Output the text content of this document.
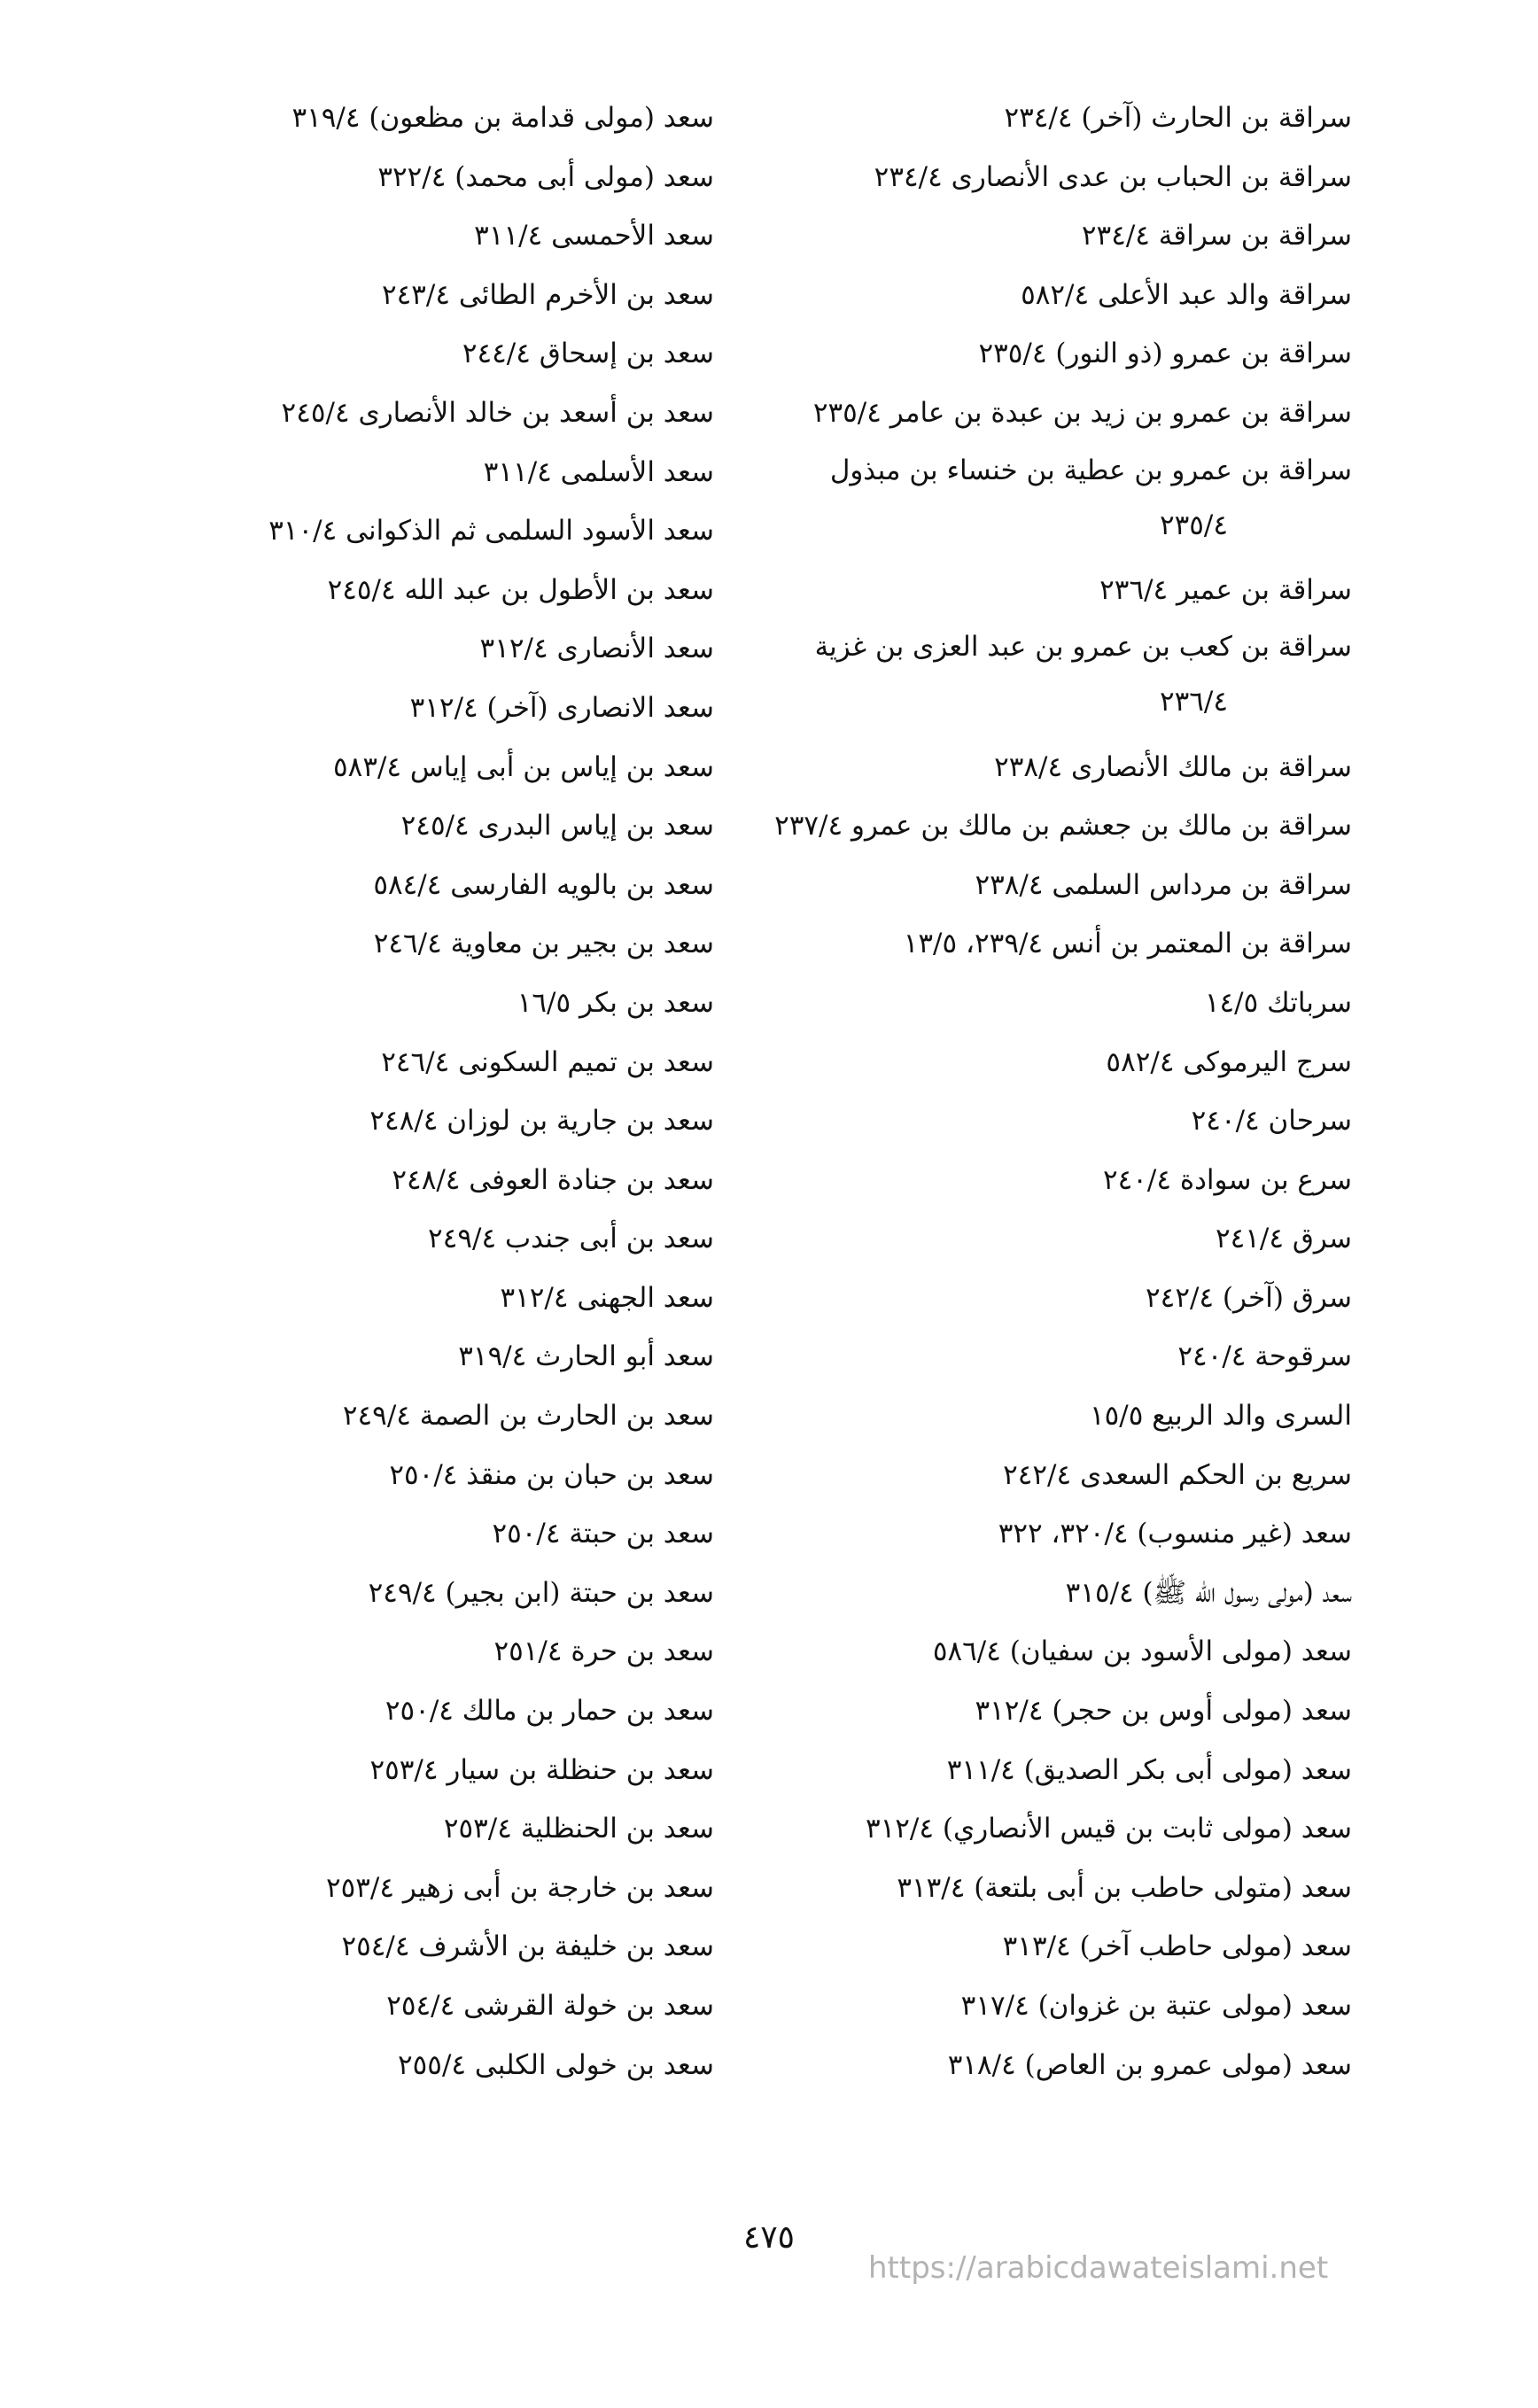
سراقة بن الحارث (آخر) ٢٣٤/٤
سراقة بن الحباب بن عدى الأنصارى ٢٣٤/٤
سراقة بن سراقة ٢٣٤/٤
سراقة والد عبد الأعلى ٥٨٢/٤
سراقة بن عمرو (ذو النور) ٢٣٥/٤
سراقة بن عمرو بن زيد بن عبدة بن عامر ٢٣٥/٤
سراقة بن عمرو بن عطية بن خنساء بن مبذول
٢٣٥/٤
سراقة بن عمير ٢٣٦/٤
سراقة بن كعب بن عمرو بن عبد العزى بن غزية
٢٣٦/٤
سراقة بن مالك الأنصارى ٢٣٨/٤
سراقة بن مالك بن جعشم بن مالك بن عمرو ٢٣٧/٤
سراقة بن مرداس السلمى ٢٣٨/٤
سراقة بن المعتمر بن أنس ٢٣٩/٤، ١٣/٥
سرباتك ١٤/٥
سرج اليرموكى ٥٨٢/٤
سرحان ٢٤٠/٤
سرع بن سوادة ٢٤٠/٤
سرق ٢٤١/٤
سرق (آخر) ٢٤٢/٤
سرقوحة ٢٤٠/٤
السرى والد الربيع ١٥/٥
سريع بن الحكم السعدى ٢٤٢/٤
سعد (غير منسوب) ٣٢٠/٤، ٣٢٢
سعد (مولى رسول الله ﷺ) ٣١٥/٤
سعد (مولى الأسود بن سفيان) ٥٨٦/٤
سعد (مولى أوس بن حجر) ٣١٢/٤
سعد (مولى أبى بكر الصديق) ٣١١/٤
سعد (مولى ثابت بن قيس الأنصاري) ٣١٢/٤
سعد (متولى حاطب بن أبى بلتعة) ٣١٣/٤
سعد (مولى حاطب آخر) ٣١٣/٤
سعد (مولى عتبة بن غزوان) ٣١٧/٤
سعد (مولى عمرو بن العاص) ٣١٨/٤
سعد (مولى قدامة بن مظعون) ٣١٩/٤
سعد (مولى أبى محمد) ٣٢٢/٤
سعد الأحمسى ٣١١/٤
سعد بن الأخرم الطائى ٢٤٣/٤
سعد بن إسحاق ٢٤٤/٤
سعد بن أسعد بن خالد الأنصارى ٢٤٥/٤
سعد الأسلمى ٣١١/٤
سعد الأسود السلمى ثم الذكوانى ٣١٠/٤
سعد بن الأطول بن عبد الله ٢٤٥/٤
سعد الأنصارى ٣١٢/٤
سعد الانصارى (آخر) ٣١٢/٤
سعد بن إياس بن أبى إياس ٥٨٣/٤
سعد بن إياس البدرى ٢٤٥/٤
سعد بن بالويه الفارسى ٥٨٤/٤
سعد بن بجير بن معاوية ٢٤٦/٤
سعد بن بكر ١٦/٥
سعد بن تميم السكونى ٢٤٦/٤
سعد بن جارية بن لوزان ٢٤٨/٤
سعد بن جنادة العوفى ٢٤٨/٤
سعد بن أبى جندب ٢٤٩/٤
سعد الجهنى ٣١٢/٤
سعد أبو الحارث ٣١٩/٤
سعد بن الحارث بن الصمة ٢٤٩/٤
سعد بن حبان بن منقذ ٢٥٠/٤
سعد بن حبتة ٢٥٠/٤
سعد بن حبتة (ابن بجير) ٢٤٩/٤
سعد بن حرة ٢٥١/٤
سعد بن حمار بن مالك ٢٥٠/٤
سعد بن حنظلة بن سيار ٢٥٣/٤
سعد بن الحنظلية ٢٥٣/٤
سعد بن خارجة بن أبى زهير ٢٥٣/٤
سعد بن خليفة بن الأشرف ٢٥٤/٤
سعد بن خولة القرشى ٢٥٤/٤
سعد بن خولى الكلبى ٢٥٥/٤
٤٧٥
https://arabicdawateislami.net
